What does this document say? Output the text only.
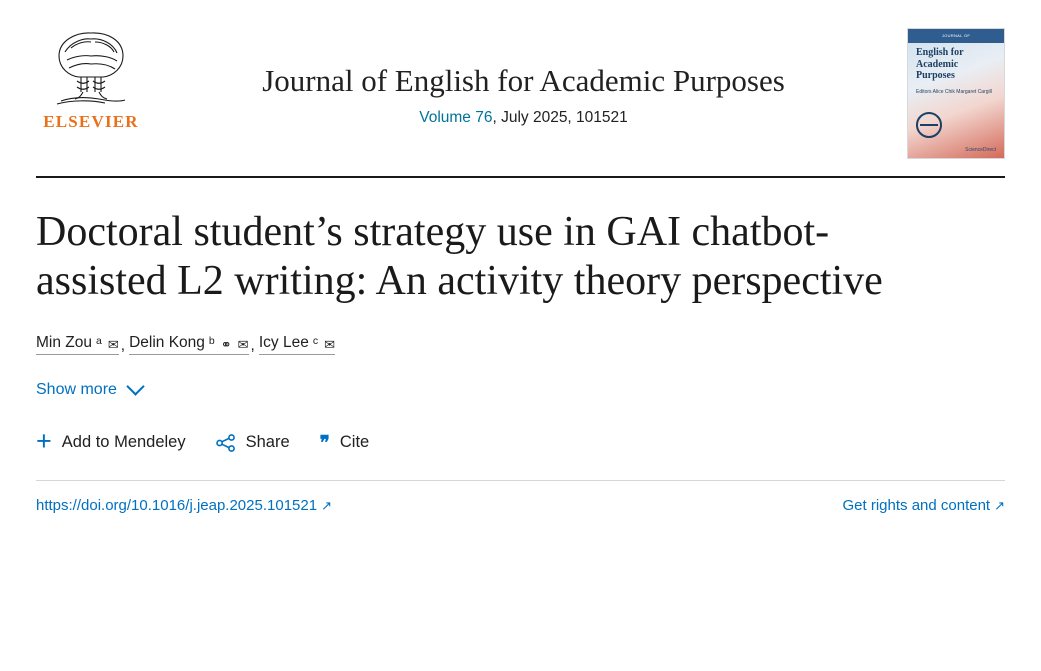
ELSEVIER
Journal of English for Academic Purposes
Volume 76, July 2025, 101521
JOURNAL OF
English for Academic Purposes
Editors Alice Chik Margaret Cargill
ScienceDirect
Doctoral student’s strategy use in GAI chatbot-assisted L2 writing: An activity theory perspective
Min Zou a ✉ , Delin Kong b ⚭ ✉ , Icy Lee c ✉
Show more
+ Add to Mendeley	Share ❞ Cite
https://doi.org/10.1016/j.jeap.2025.101521 ↗	Get rights and content ↗
